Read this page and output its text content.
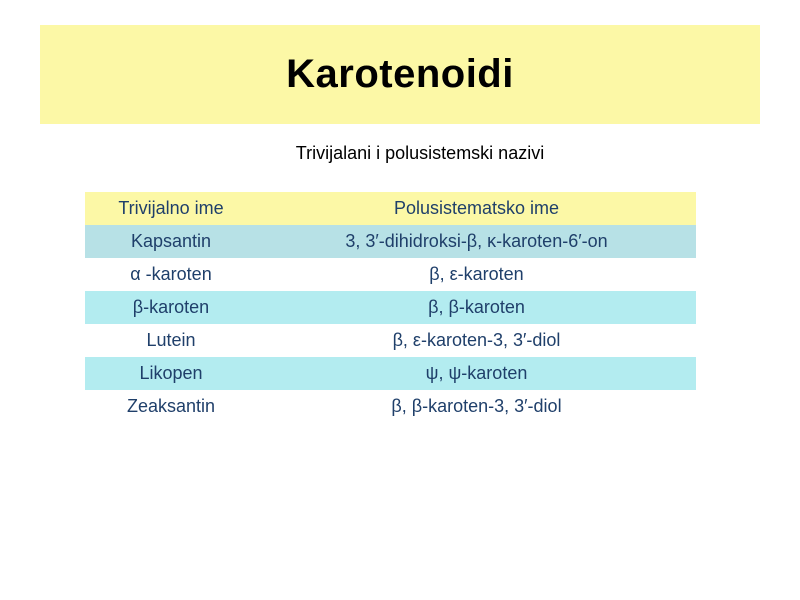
Karotenoidi
Trivijalani i polusistemski nazivi
Trivijalno ime	Polusistematsko ime
Kapsantin	3, 3′-dihidroksi-β, κ-karoten-6′-on
α -karoten	β, ε-karoten
β-karoten	β, β-karoten
Lutein	β, ε-karoten-3, 3′-diol
Likopen	ψ, ψ-karoten
Zeaksantin	β, β-karoten-3, 3′-diol
